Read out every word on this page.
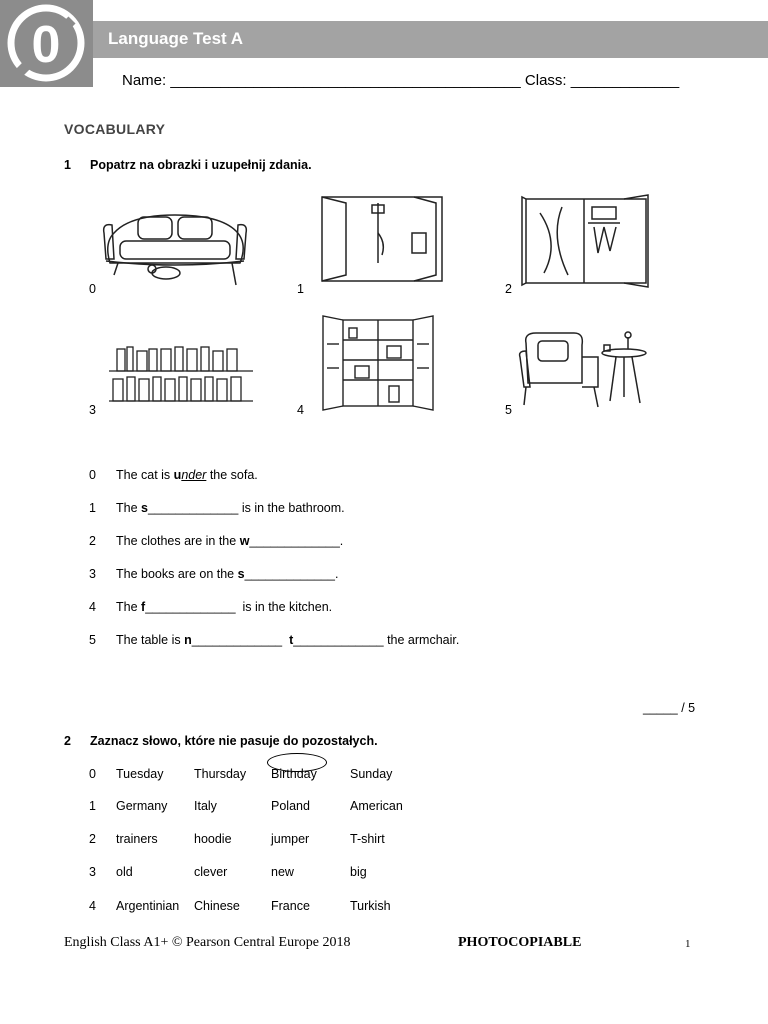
0	Language Test A
Name: __________________________________________ Class: _____________
VOCABULARY
1 Popatrz na obrazki i uzupełnij zdania.
0	1	2
3	4	5
0 The cat is under the sofa.
1 The s_____________ is in the bathroom.
2 The clothes are in the w_____________.
3 The books are on the s_____________.
4 The f_____________  is in the kitchen.
5 The table is n_____________ t_____________ the armchair.
_____ / 5
2 Zaznacz słowo, które nie pasuje do pozostałych.
0 Tuesday Thursday Birthday	Sunday
1 Germany Italy	Poland	American
2 trainers	hoodie	jumper	T-shirt
3 old	clever	new	big
4 Argentinian Chinese France	Turkish
English Class A1+ © Pearson Central Europe 2018	PHOTOCOPIABLE	1
